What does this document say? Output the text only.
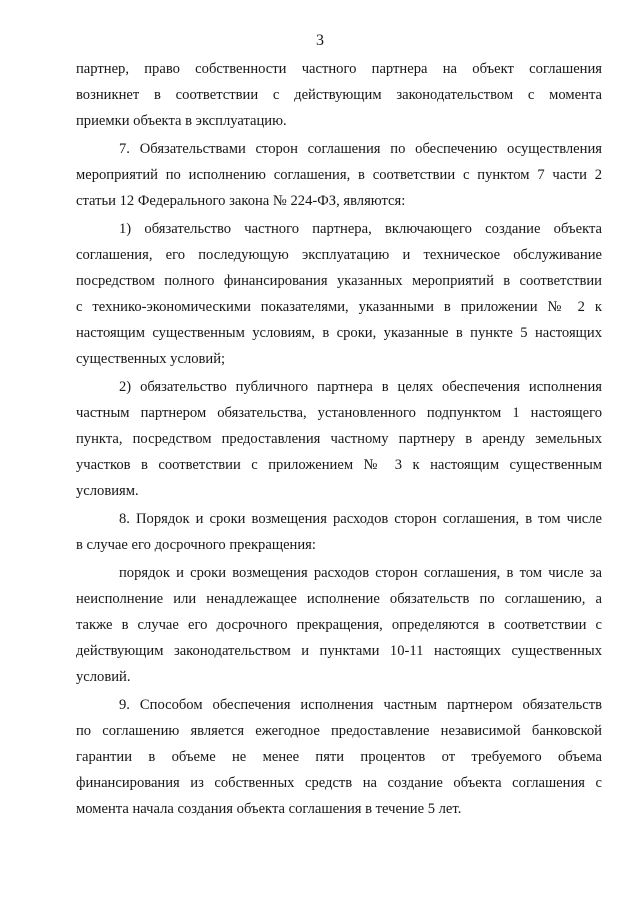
3
партнер, право собственности частного партнера на объект соглашения
возникнет в соответствии с действующим законодательством с момента
приемки объекта в эксплуатацию.
7. Обязательствами сторон соглашения по обеспечению осуществления
мероприятий по исполнению соглашения, в соответствии с пунктом 7 части 2
статьи 12 Федерального закона № 224-ФЗ, являются:
1) обязательство частного партнера, включающего создание объекта
соглашения, его последующую эксплуатацию и техническое обслуживание
посредством полного финансирования указанных мероприятий в соответствии
с технико-экономическими показателями, указанными в приложении № 2 к
настоящим существенным условиям, в сроки, указанные в пункте 5 настоящих
существенных условий;
2) обязательство публичного партнера в целях обеспечения исполнения
частным партнером обязательства, установленного подпунктом 1 настоящего
пункта, посредством предоставления частному партнеру в аренду земельных
участков в соответствии с приложением № 3 к настоящим существенным
условиям.
8. Порядок и сроки возмещения расходов сторон соглашения, в том числе
в случае его досрочного прекращения:
порядок и сроки возмещения расходов сторон соглашения, в том числе за
неисполнение или ненадлежащее исполнение обязательств по соглашению, а
также в случае его досрочного прекращения, определяются в соответствии с
действующим законодательством и пунктами 10-11 настоящих существенных
условий.
9. Способом обеспечения исполнения частным партнером обязательств
по соглашению является ежегодное предоставление независимой банковской
гарантии в объеме не менее пяти процентов от требуемого объема
финансирования из собственных средств на создание объекта соглашения с
момента начала создания объекта соглашения в течение 5 лет.
